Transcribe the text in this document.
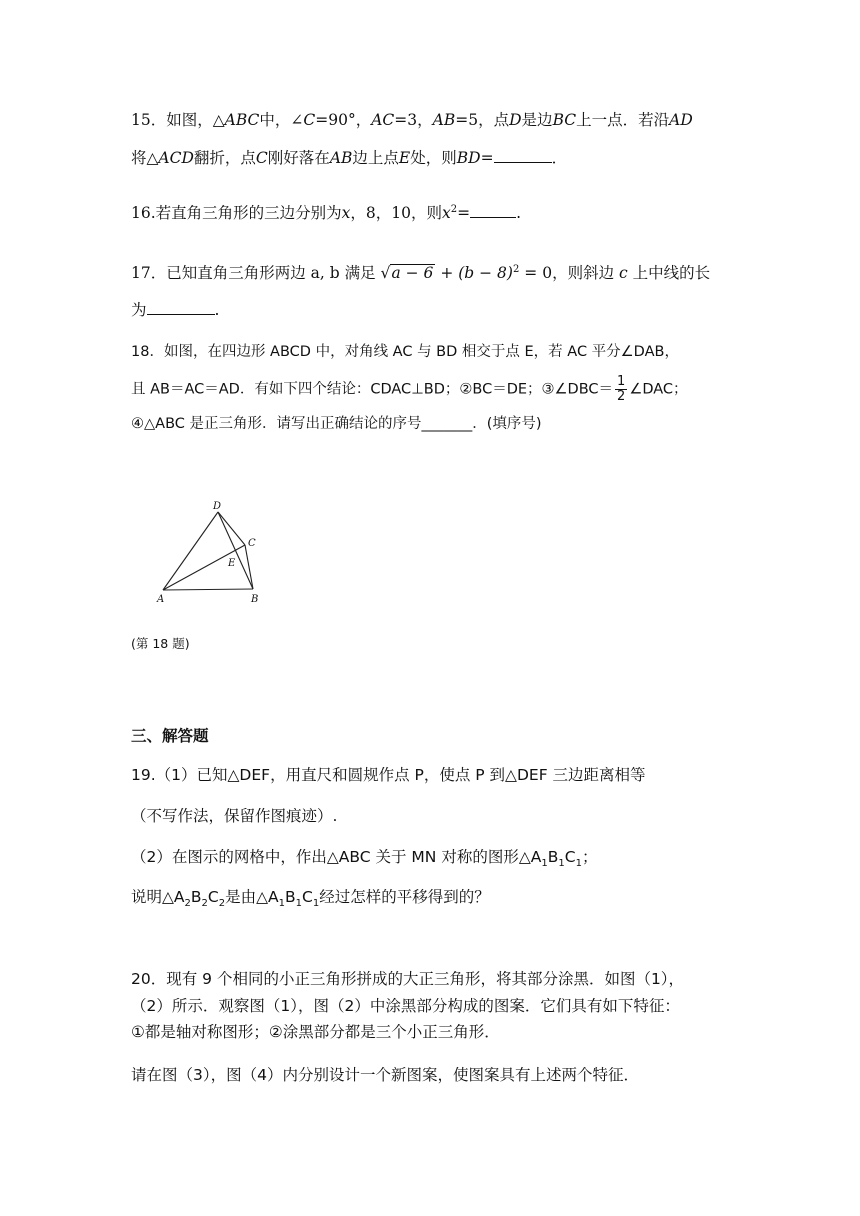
15．如图，△ABC中，∠C=90°，AC=3，AB=5，点D是边BC上一点．若沿AD
将△ACD翻折，点C刚好落在AB边上点E处，则BD=	．
16.若直角三角形的三边分别为x，8，10，则$x^2=$	.
17．已知直角三角形两边 a, b 满足 $√a - 6 + (b - 8)^2 = 0$，则斜边 c 上中线的长
为	.
18．如图，在四边形 ABCD 中，对角线 AC 与 BD 相交于点 E，若 AC 平分∠DAB，
且 AB＝AC＝AD．有如下四个结论：CDAC⊥BD；②BC＝DE；③∠DBC＝ $\frac{1}{2}$ ∠DAC；
④△ABC 是正三角形．请写出正确结论的序号_______．(填序号)
D
C
E
A	B
(第 18 题)
三、解答题
19.（1）已知△DEF，用直尺和圆规作点 P，使点 P 到△DEF 三边距离相等
（不写作法，保留作图痕迹）.
（2）在图示的网格中，作出△ABC 关于 MN 对称的图形$\triangle A_1B_1C_1$；
说明$\triangle A_2B_2C_2$是由$\triangle A_1B_1C_1$经过怎样的平移得到的？
20．现有 9 个相同的小正三角形拼成的大正三角形，将其部分涂黑．如图（1），
（2）所示．观察图（1），图（2）中涂黑部分构成的图案．它们具有如下特征：
①都是轴对称图形；②涂黑部分都是三个小正三角形．
请在图（3），图（4）内分别设计一个新图案，使图案具有上述两个特征．
